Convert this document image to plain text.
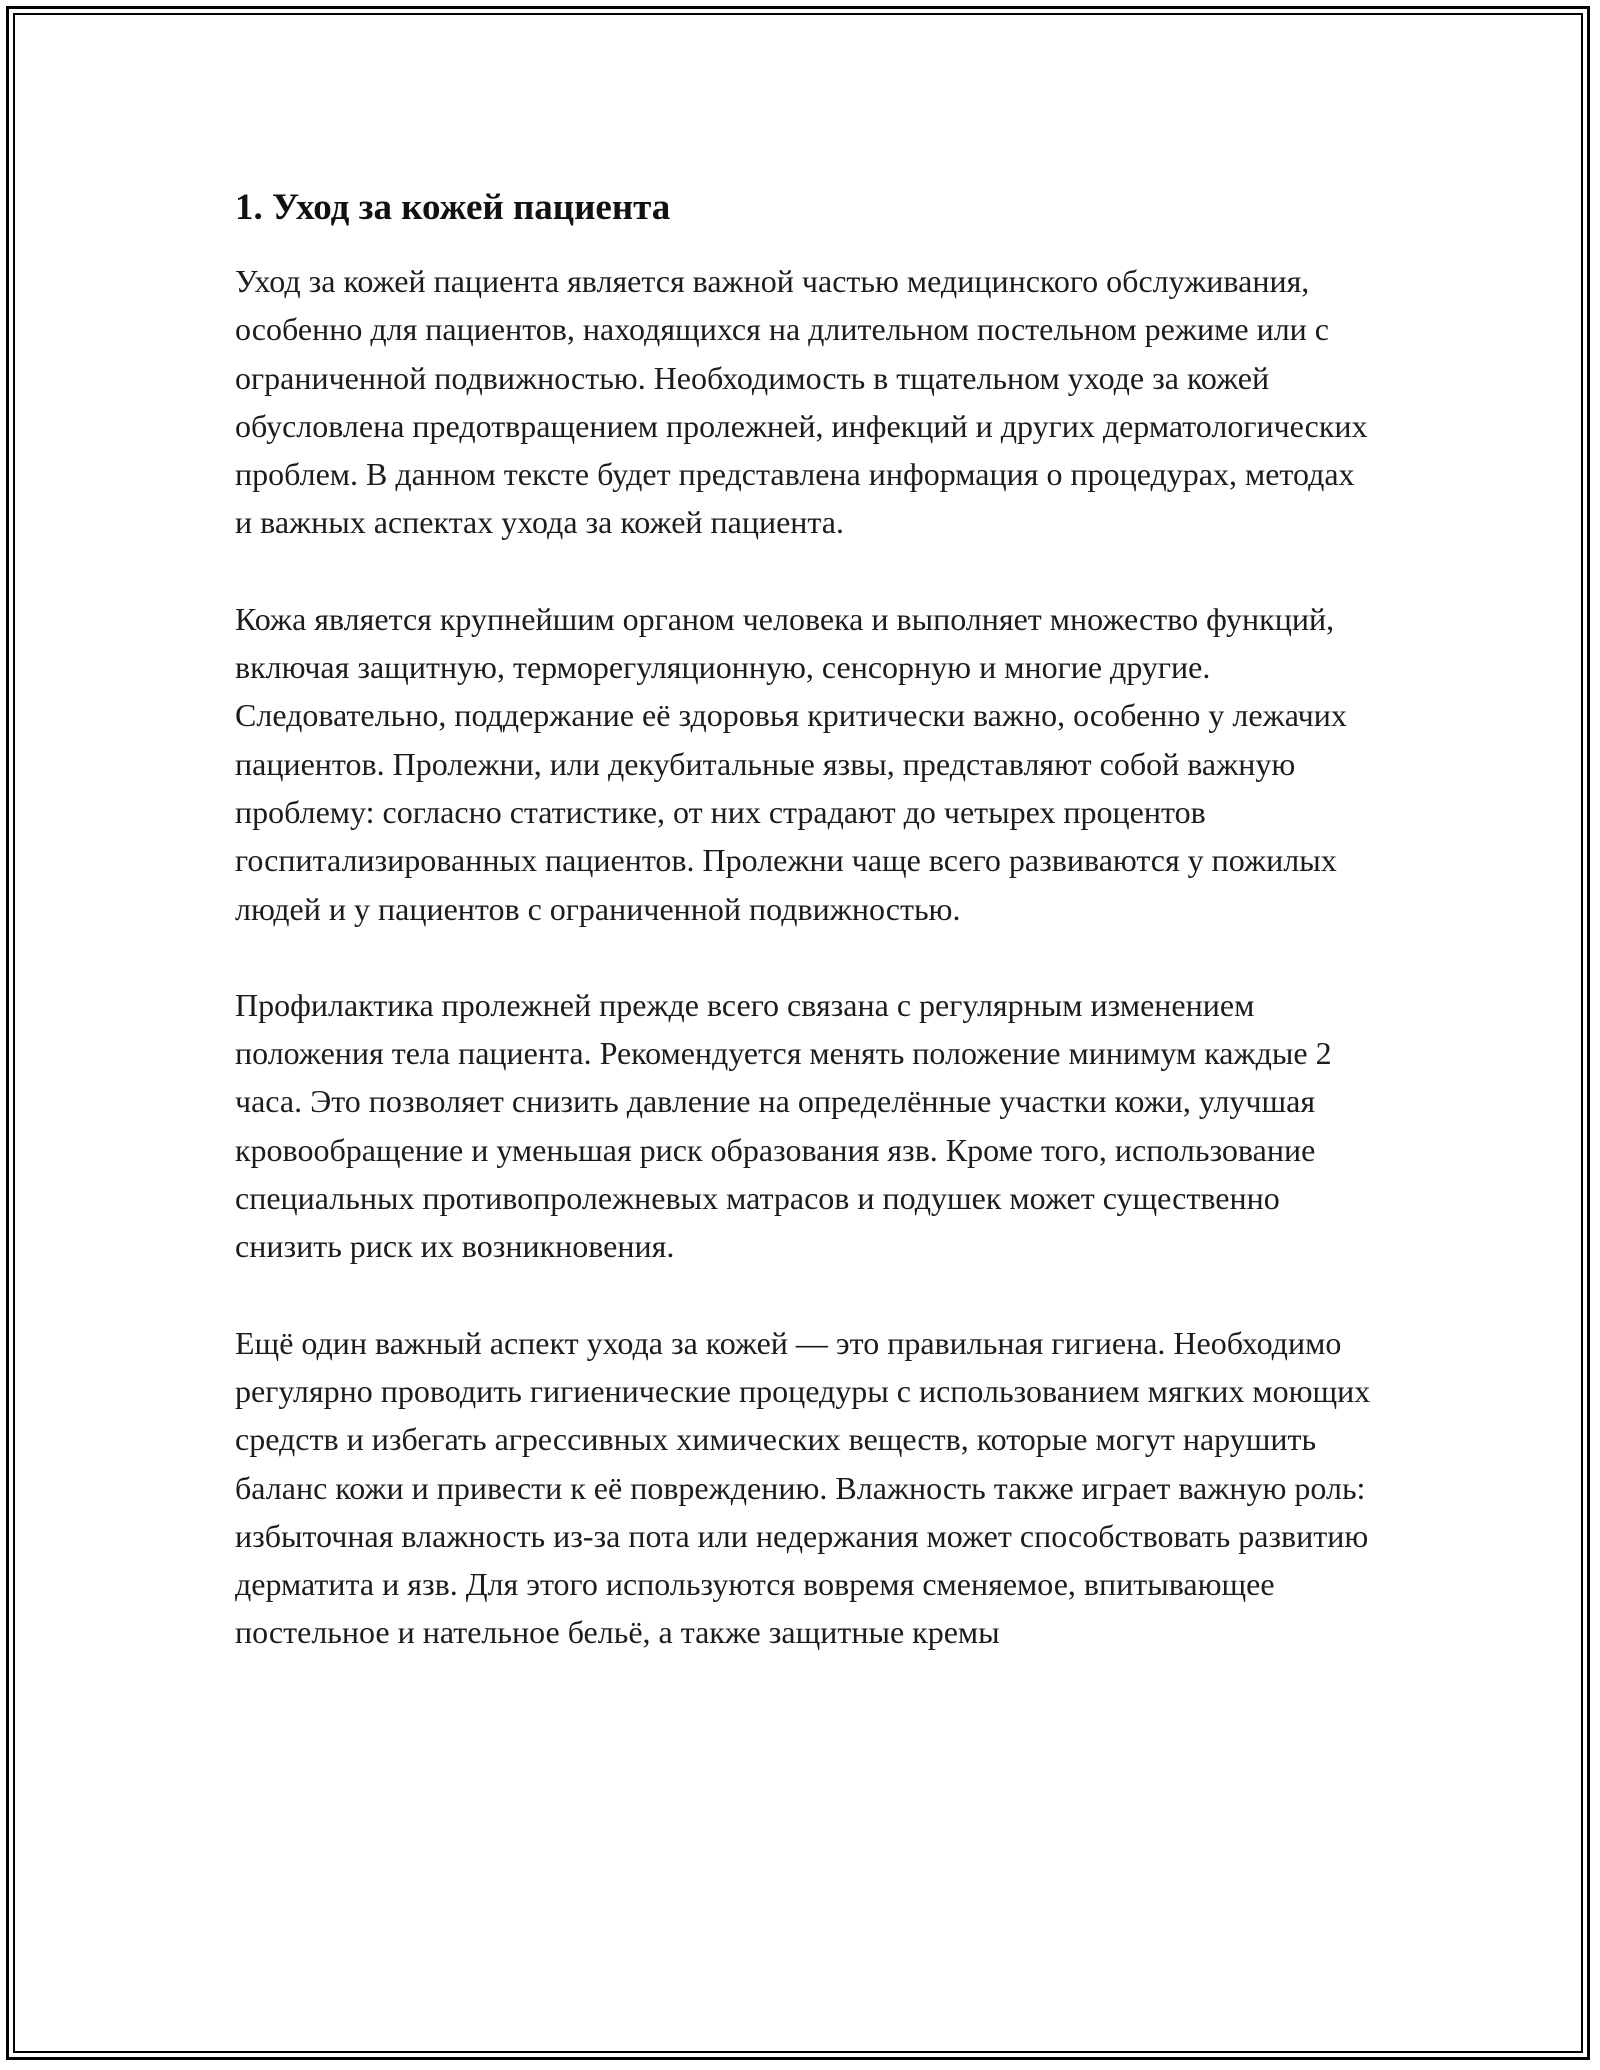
1. Уход за кожей пациента

Уход за кожей пациента является важной частью медицинского обслуживания, особенно для пациентов, находящихся на длительном постельном режиме или с ограниченной подвижностью. Необходимость в тщательном уходе за кожей обусловлена предотвращением пролежней, инфекций и других дерматологических проблем. В данном тексте будет представлена информация о процедурах, методах и важных аспектах ухода за кожей пациента.

Кожа является крупнейшим органом человека и выполняет множество функций, включая защитную, терморегуляционную, сенсорную и многие другие. Следовательно, поддержание её здоровья критически важно, особенно у лежачих пациентов. Пролежни, или декубитальные язвы, представляют собой важную проблему: согласно статистике, от них страдают до четырех процентов госпитализированных пациентов. Пролежни чаще всего развиваются у пожилых людей и у пациентов с ограниченной подвижностью.

Профилактика пролежней прежде всего связана с регулярным изменением положения тела пациента. Рекомендуется менять положение минимум каждые 2 часа. Это позволяет снизить давление на определённые участки кожи, улучшая кровообращение и уменьшая риск образования язв. Кроме того, использование специальных противопролежневых матрасов и подушек может существенно снизить риск их возникновения.

Ещё один важный аспект ухода за кожей — это правильная гигиена. Необходимо регулярно проводить гигиенические процедуры с использованием мягких моющих средств и избегать агрессивных химических веществ, которые могут нарушить баланс кожи и привести к её повреждению. Влажность также играет важную роль: избыточная влажность из-за пота или недержания может способствовать развитию дерматита и язв. Для этого используются вовремя сменяемое, впитывающее постельное и нательное бельё, а также защитные кремы
